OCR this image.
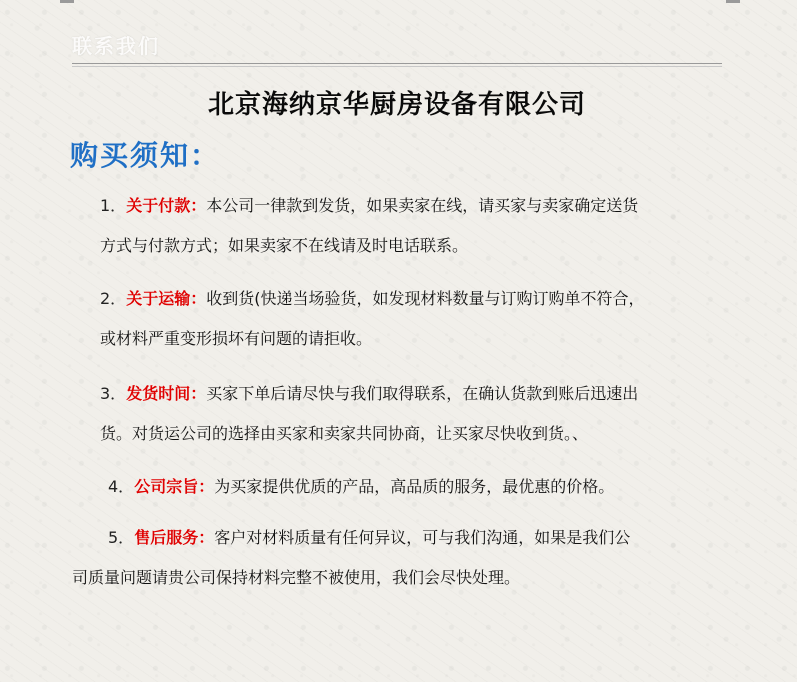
联系我们
北京海纳京华厨房设备有限公司
购买须知：
1．关于付款：本公司一律款到发货，如果卖家在线，请买家与卖家确定送货
方式与付款方式；如果卖家不在线请及时电话联系。
2．关于运输：收到货(快递当场验货，如发现材料数量与订购订购单不符合，
或材料严重变形损坏有问题的请拒收。
3．发货时间：买家下单后请尽快与我们取得联系，在确认货款到账后迅速出
货。对货运公司的选择由买家和卖家共同协商，让买家尽快收到货。、
4．公司宗旨：为买家提供优质的产品，高品质的服务，最优惠的价格。
5．售后服务：客户对材料质量有任何异议，可与我们沟通，如果是我们公
司质量问题请贵公司保持材料完整不被使用，我们会尽快处理。
